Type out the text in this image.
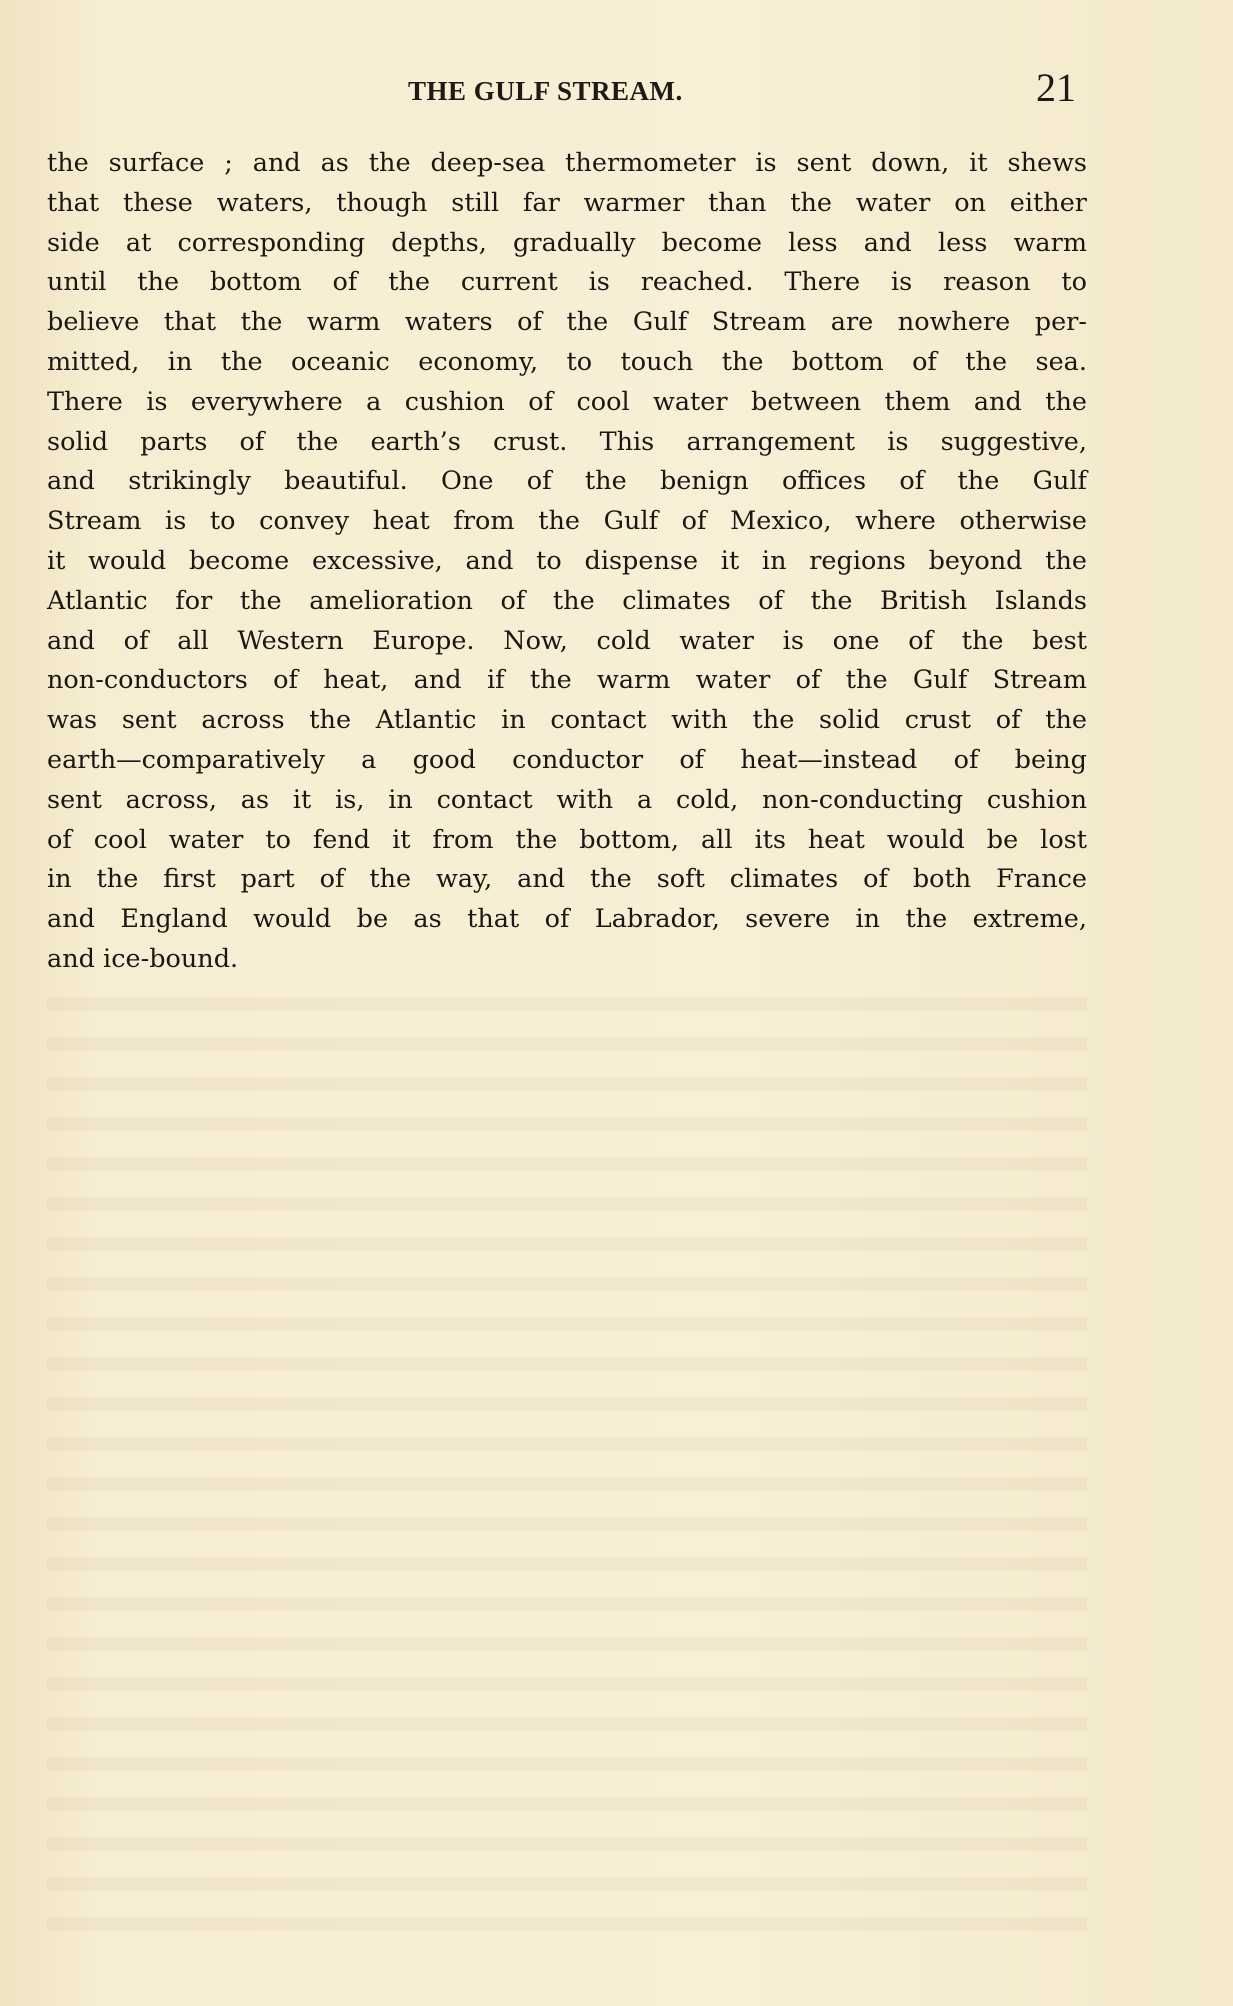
THE GULF STREAM.	21
the surface ; and as the deep-sea thermometer is sent down, it shews
that these waters, though still far warmer than the water on either
side at corresponding depths, gradually become less and less warm
until the bottom of the current is reached. There is reason to
believe that the warm waters of the Gulf Stream are nowhere per-
mitted, in the oceanic economy, to touch the bottom of the sea.
There is everywhere a cushion of cool water between them and the
solid parts of the earth’s crust. This arrangement is suggestive,
and strikingly beautiful. One of the benign offices of the Gulf
Stream is to convey heat from the Gulf of Mexico, where otherwise
it would become excessive, and to dispense it in regions beyond the
Atlantic for the amelioration of the climates of the British Islands
and of all Western Europe. Now, cold water is one of the best
non-conductors of heat, and if the warm water of the Gulf Stream
was sent across the Atlantic in contact with the solid crust of the
earth—comparatively a good conductor of heat—instead of being
sent across, as it is, in contact with a cold, non-conducting cushion
of cool water to fend it from the bottom, all its heat would be lost
in the first part of the way, and the soft climates of both France
and England would be as that of Labrador, severe in the extreme,
and ice-bound.
